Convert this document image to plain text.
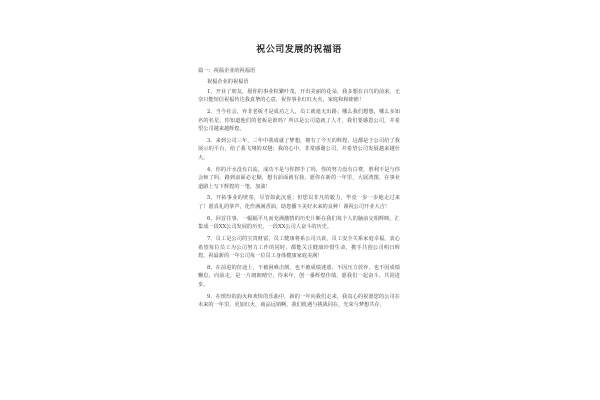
祝公司发展的祝福语
篇一：祝福企业的祝福语
祝福企业的祝福语
1、开业了朋友，愿你的事业粒繁叶茂，开出美丽的花朵，我多想在百鸟的前来，无奈只能短信祝福传达我真挚的心意，祝你事业红红火火，家庭和和睦睦！
2、当今社会，弃非老板才是成功之人，员工就毫无出路；哪么我们想想，哪么多知名的名星，你知道他们的老板是谁吗？所以是公司造就了人才，我们要感恩公司，并希望公司越来越辉煌。
3、来到公司三年，三年中我成就了梦想，拥有了今天的辉煌，这都是于公司给了我展示的平台，给了我飞翔的双翅；我的心中，非常感谢公司，并希望公司发展越来越壮大。
4、你的汗水没有白流，成功不是与你擦手了吗，你的努力没有白费，胜利不是与你会师了吗，路到前面必定顺，想有前面就有我，愿你在新的一年里，大展鸿图，在事业道路上写下辉煌的一笔，加油！
5、开拓事业的壁垒，尽管如此沉重；但您以非凡的毅力，毕竟一步一步地走过来了！愿真礼的掌声，化作满满香油，助您播下美好未来的良种！谨祝公司开业大吉！
6、回首往事，一幅幅平凡而充满激情的历史片断在我们每个人的脑前交相辉映，汇集成一段XX公司发展的历史，一段XX公司人奋斗的历史。
7、员工是公司的宝贵财富，员工健康将系公司兴衰，员工安全关系家庭幸福，衷心希望每位员工为公司努力工作的同时，都能关注健康珍惜生命，携手共创公司明日辉煌。祝最新的一年公司每一位员工身体健康家庭美满！
8、在前进的征途上，不被困难击倒，也不被成绩迷惑，不因压力放弃，也不因成绩懈怠，向前走，是一片朗朗晴空，待来年，创一番辉煌佳绩，愿我们一起奋斗，共同进步。
9、在缤纷的韵火和欢快的乐曲中，新的一年向我们走来，我真心的祝愿您的公司在未来的一年里，更加红火，商品远销啊，我们机遇与挑战同在，光荣与梦想共存。
